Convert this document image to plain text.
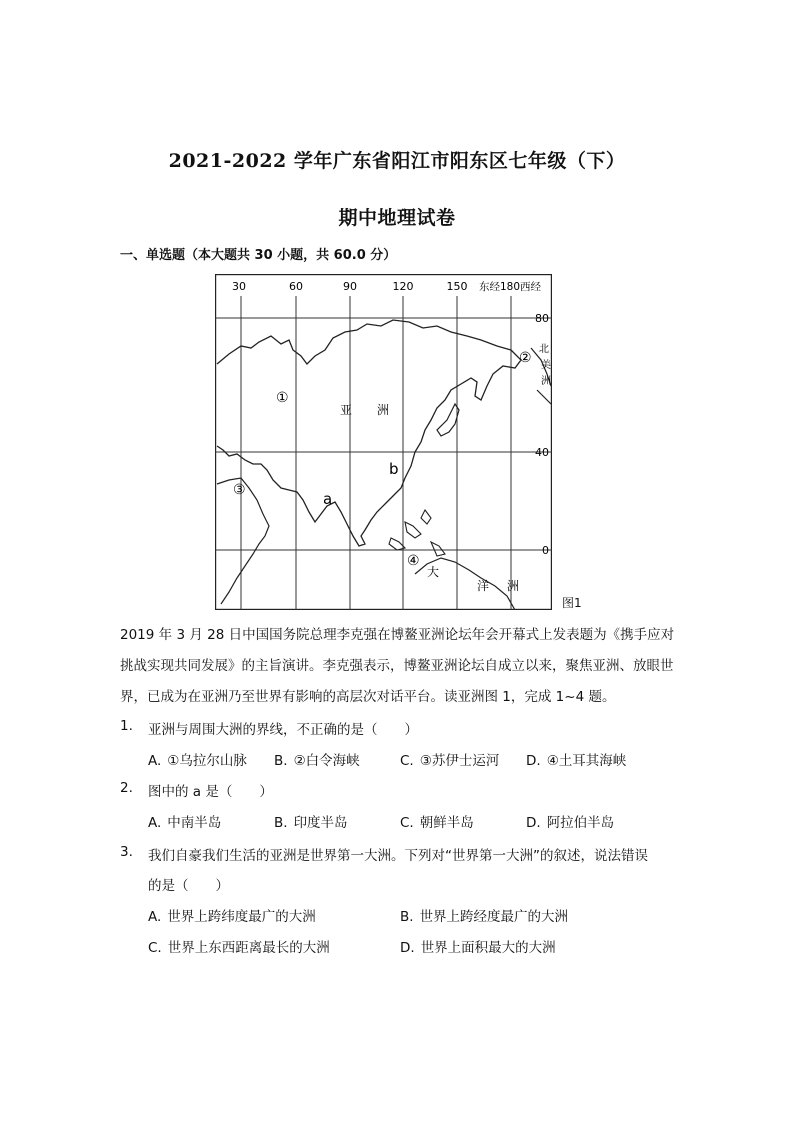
2021-2022 学年广东省阳江市阳东区七年级（下）
期中地理试卷
一、单选题（本大题共 30 小题，共 60.0 分）
30	60	90	120	150 东经180西经
80
40
0
亚 洲
北
美
洲
大
洋 洲
①
②
③
④
a
b
图1
2019 年 3 月 28 日中国国务院总理李克强在博鳌亚洲论坛年会开幕式上发表题为《携手应对挑战实现共同发展》的主旨演讲。李克强表示，博鳌亚洲论坛自成立以来，聚焦亚洲、放眼世界，已成为在亚洲乃至世界有影响的高层次对话平台。读亚洲图 1，完成 1~4 题。
1. 亚洲与周围大洲的界线，不正确的是（　　）
A. ①乌拉尔山脉 B. ②白令海峡	C. ③苏伊士运河 D. ④土耳其海峡
2. 图中的 a 是（　　）
A. 中南半岛	B. 印度半岛	C. 朝鲜半岛	D. 阿拉伯半岛
3. 我们自豪我们生活的亚洲是世界第一大洲。下列对“世界第一大洲”的叙述，说法错误
的是（　　）
A. 世界上跨纬度最广的大洲	B. 世界上跨经度最广的大洲
C. 世界上东西距离最长的大洲	D. 世界上面积最大的大洲
